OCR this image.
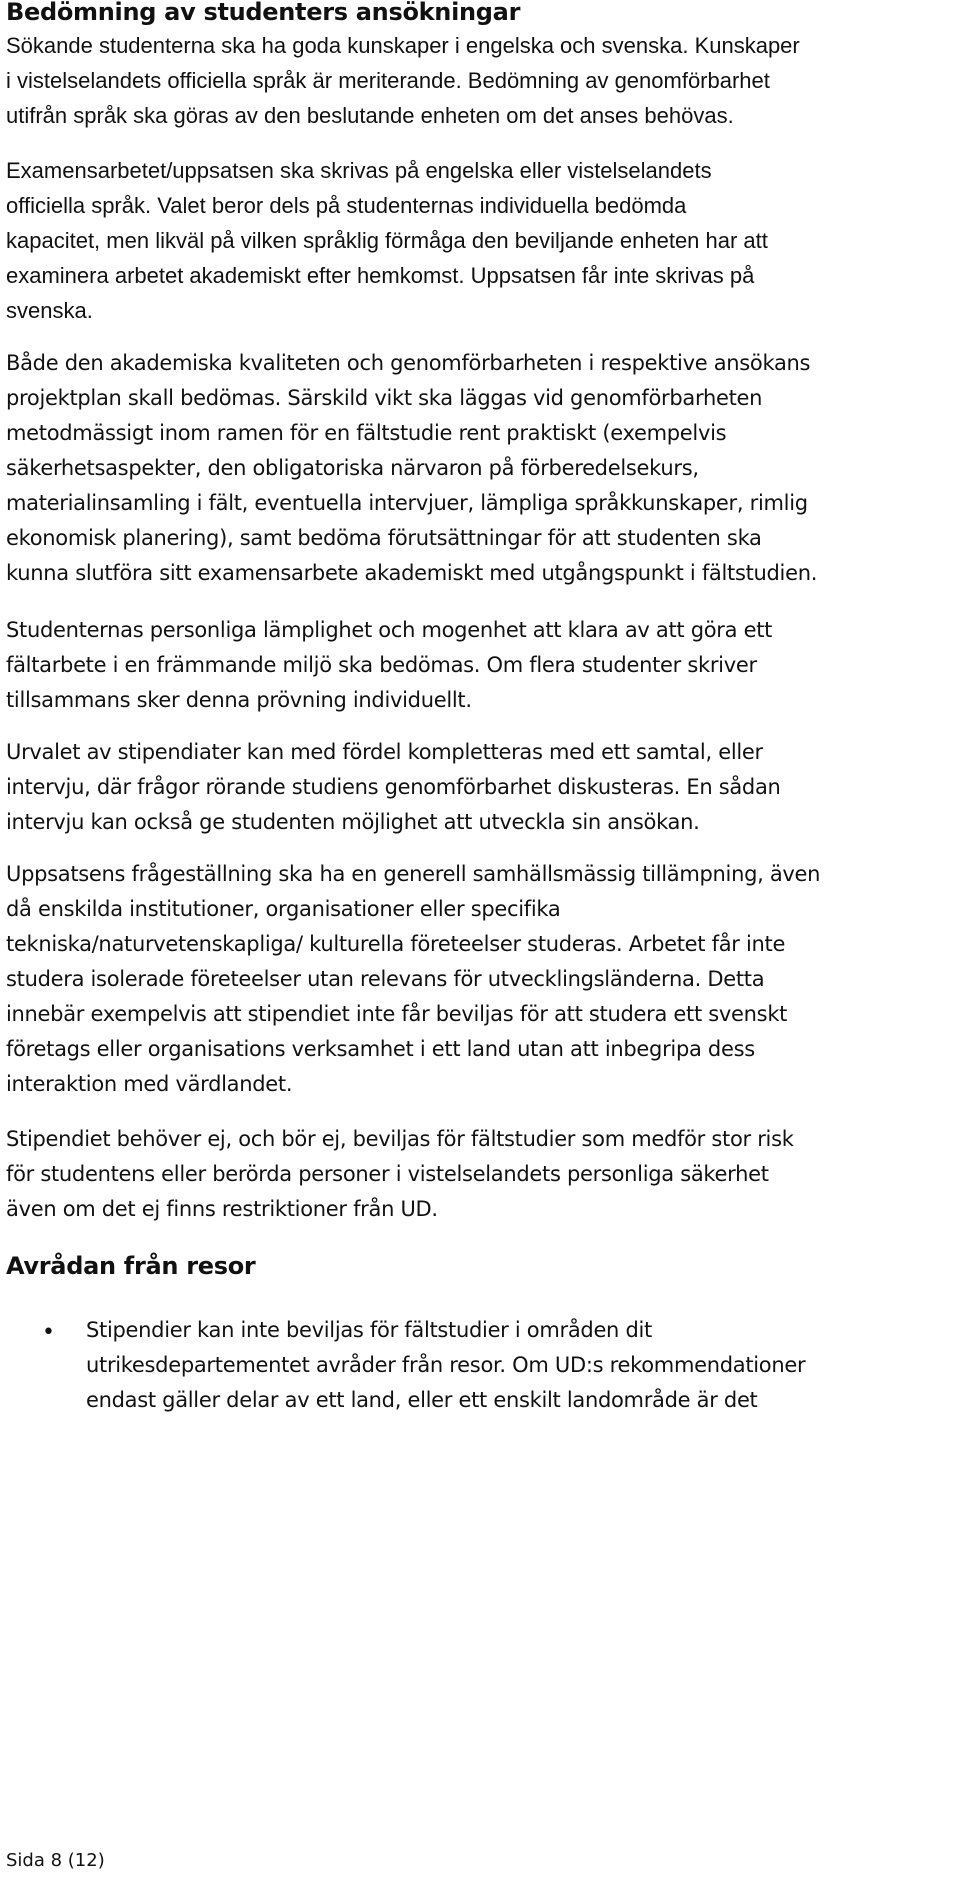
Bedömning av studenters ansökningar

Sökande studenterna ska ha goda kunskaper i engelska och svenska. Kunskaper
i vistelselandets officiella språk är meriterande. Bedömning av genomförbarhet
utifrån språk ska göras av den beslutande enheten om det anses behövas.

Examensarbetet/uppsatsen ska skrivas på engelska eller vistelselandets
officiella språk. Valet beror dels på studenternas individuella bedömda
kapacitet, men likväl på vilken språklig förmåga den beviljande enheten har att
examinera arbetet akademiskt efter hemkomst. Uppsatsen får inte skrivas på
svenska.

Både den akademiska kvaliteten och genomförbarheten i respektive ansökans
projektplan skall bedömas. Särskild vikt ska läggas vid genomförbarheten
metodmässigt inom ramen för en fältstudie rent praktiskt (exempelvis
säkerhetsaspekter, den obligatoriska närvaron på förberedelsekurs,
materialinsamling i fält, eventuella intervjuer, lämpliga språkkunskaper, rimlig
ekonomisk planering), samt bedöma förutsättningar för att studenten ska
kunna slutföra sitt examensarbete akademiskt med utgångspunkt i fältstudien.

Studenternas personliga lämplighet och mogenhet att klara av att göra ett
fältarbete i en främmande miljö ska bedömas. Om flera studenter skriver
tillsammans sker denna prövning individuellt.

Urvalet av stipendiater kan med fördel kompletteras med ett samtal, eller
intervju, där frågor rörande studiens genomförbarhet diskusteras. En sådan
intervju kan också ge studenten möjlighet att utveckla sin ansökan.

Uppsatsens frågeställning ska ha en generell samhällsmässig tillämpning, även
då enskilda institutioner, organisationer eller specifika
tekniska/naturvetenskapliga/ kulturella företeelser studeras. Arbetet får inte
studera isolerade företeelser utan relevans för utvecklingsländerna. Detta
innebär exempelvis att stipendiet inte får beviljas för att studera ett svenskt
företags eller organisations verksamhet i ett land utan att inbegripa dess
interaktion med värdlandet.

Stipendiet behöver ej, och bör ej, beviljas för fältstudier som medför stor risk
för studentens eller berörda personer i vistelselandets personliga säkerhet
även om det ej finns restriktioner från UD.

Avrådan från resor
• Stipendier kan inte beviljas för fältstudier i områden dit
utrikesdepartementet avråder från resor. Om UD:s rekommendationer
endast gäller delar av ett land, eller ett enskilt landområde är det
Sida 8 (12)
